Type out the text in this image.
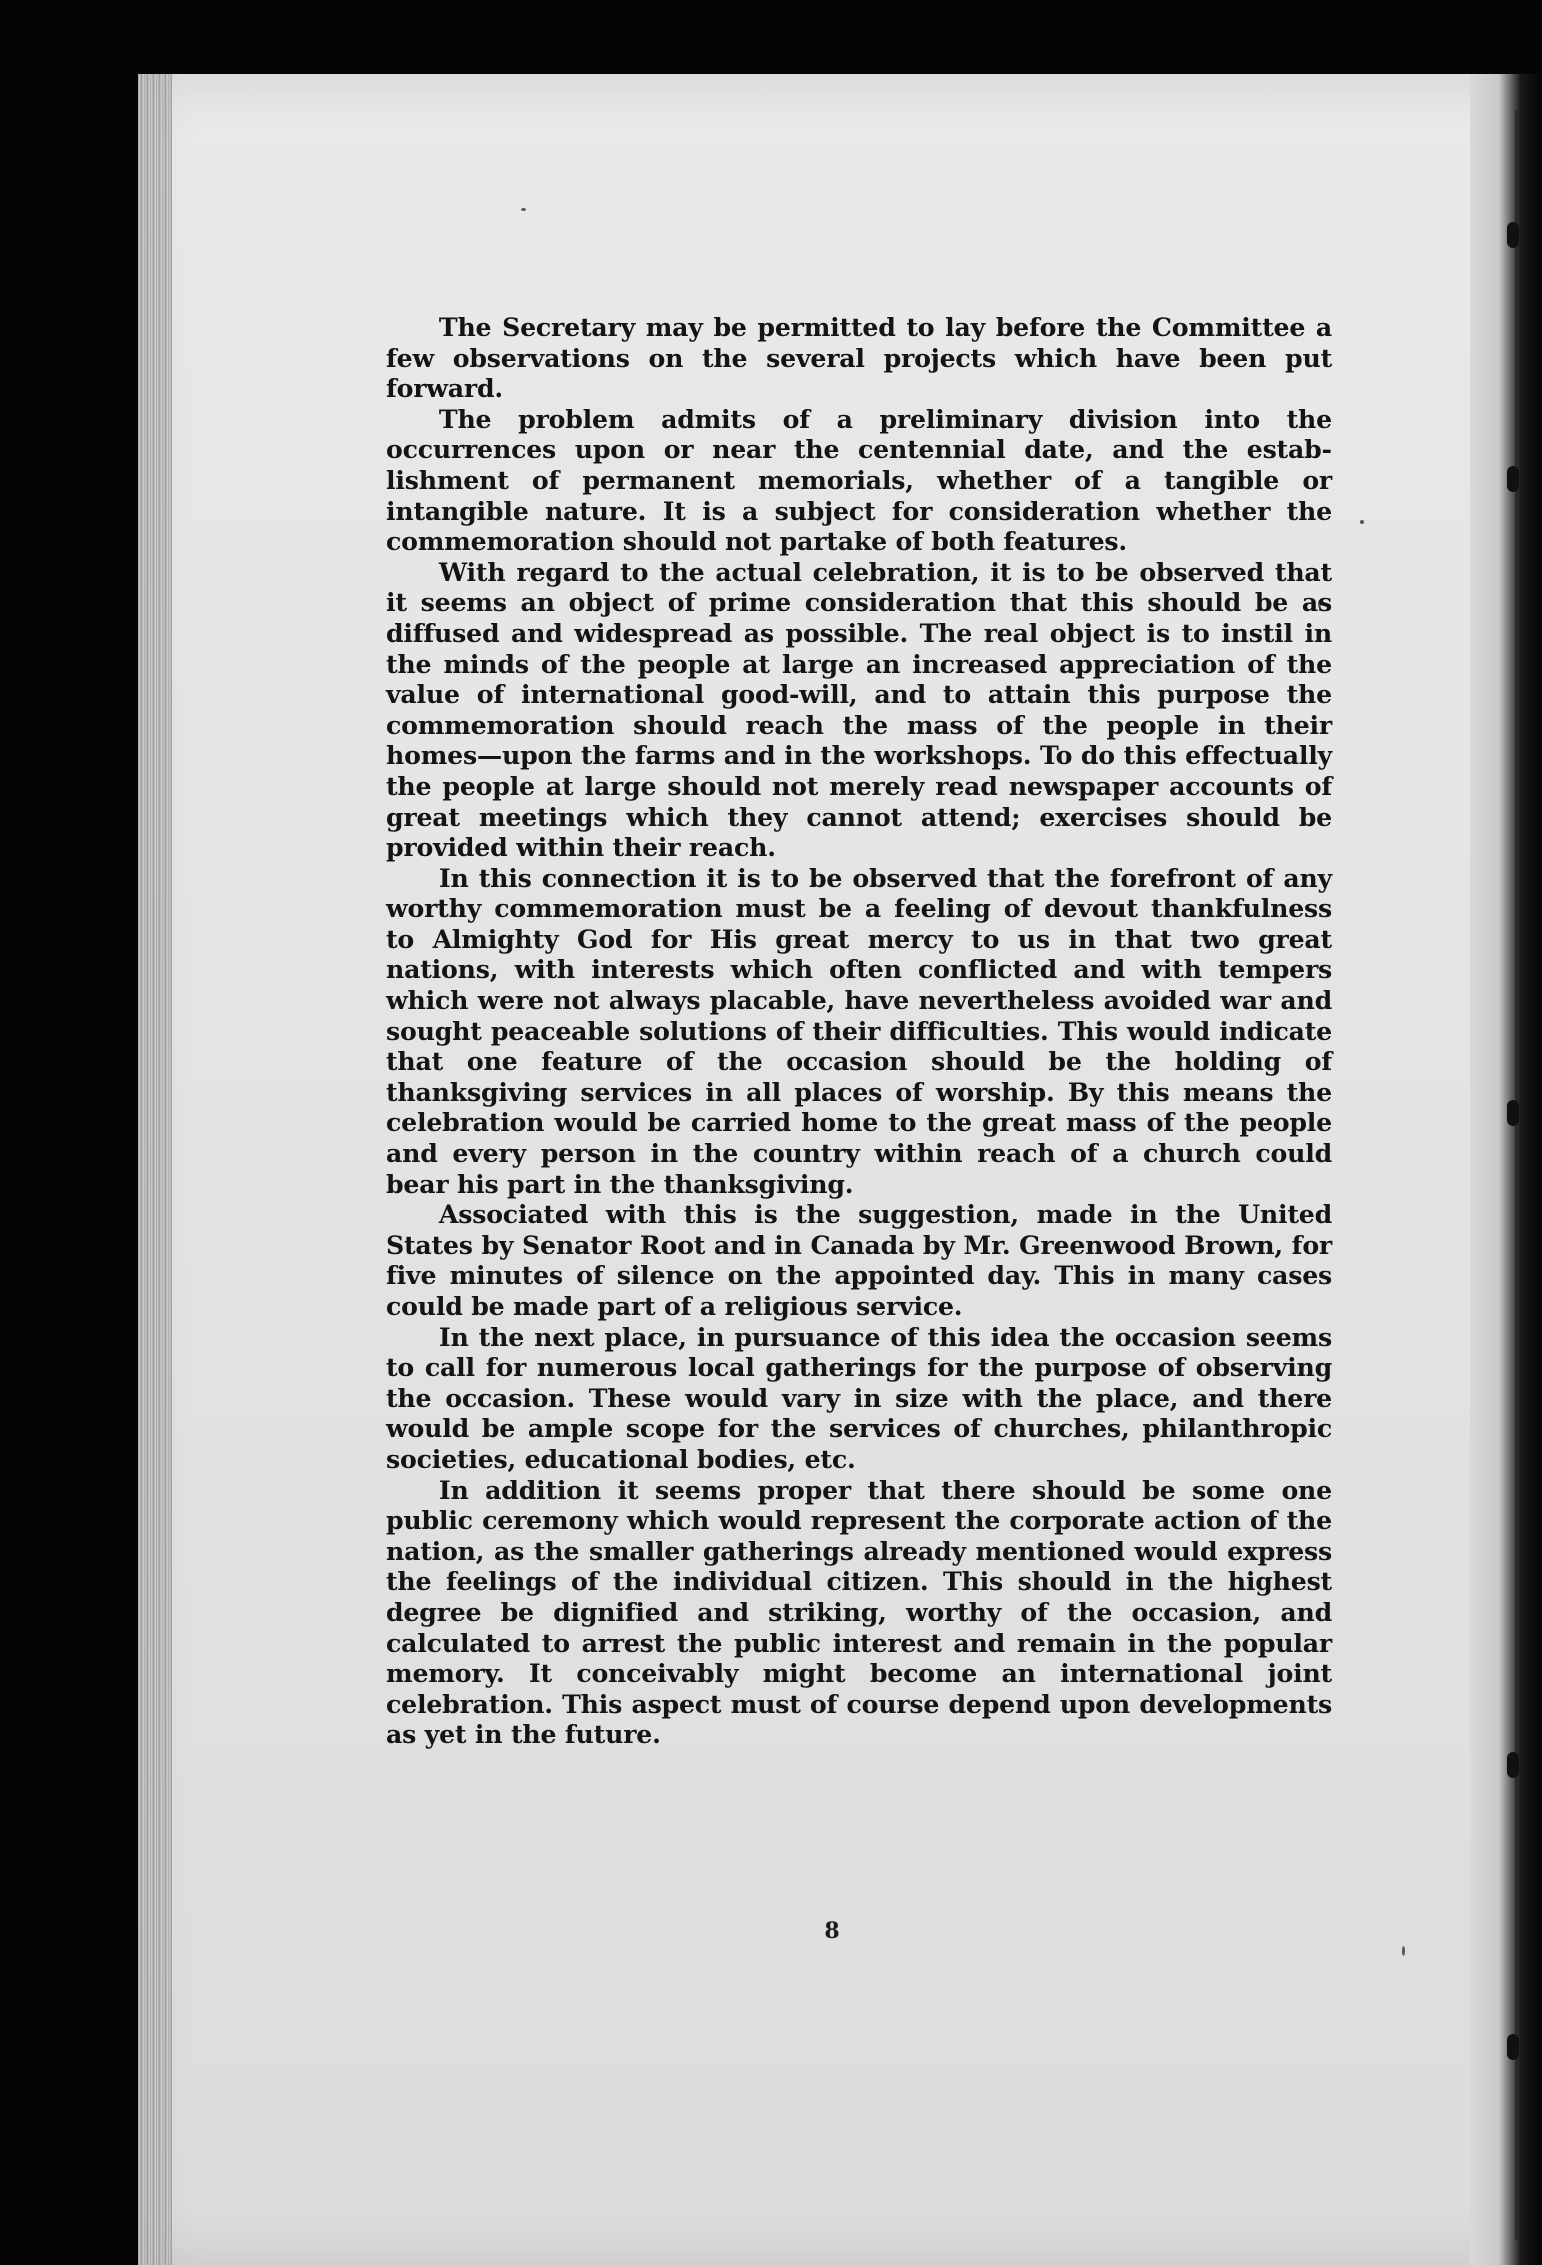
The Secretary may be permitted to lay before the Committee a few observations on the several projects which have been put forward.

The problem admits of a preliminary division into the occurrences upon or near the centennial date, and the establishment of permanent memorials, whether of a tangible or intangible nature. It is a subject for consideration whether the commemoration should not partake of both features.

With regard to the actual celebration, it is to be observed that it seems an object of prime consideration that this should be as diffused and widespread as possible. The real object is to instil in the minds of the people at large an increased appreciation of the value of international good-will, and to attain this purpose the commemoration should reach the mass of the people in their homes—upon the farms and in the workshops. To do this effectually the people at large should not merely read newspaper accounts of great meetings which they cannot attend; exercises should be provided within their reach.

In this connection it is to be observed that the forefront of any worthy commemoration must be a feeling of devout thankfulness to Almighty God for His great mercy to us in that two great nations, with interests which often conflicted and with tempers which were not always placable, have nevertheless avoided war and sought peaceable solutions of their difficulties. This would indicate that one feature of the occasion should be the holding of thanksgiving services in all places of worship. By this means the celebration would be carried home to the great mass of the people and every person in the country within reach of a church could bear his part in the thanksgiving.

Associated with this is the suggestion, made in the United States by Senator Root and in Canada by Mr. Greenwood Brown, for five minutes of silence on the appointed day. This in many cases could be made part of a religious service.

In the next place, in pursuance of this idea the occasion seems to call for numerous local gatherings for the purpose of observing the occasion. These would vary in size with the place, and there would be ample scope for the services of churches, philanthropic societies, educational bodies, etc.

In addition it seems proper that there should be some one public ceremony which would represent the corporate action of the nation, as the smaller gatherings already mentioned would express the feelings of the individual citizen. This should in the highest degree be dignified and striking, worthy of the occasion, and calculated to arrest the public interest and remain in the popular memory. It conceivably might become an international joint celebration. This aspect must of course depend upon developments as yet in the future.

8
